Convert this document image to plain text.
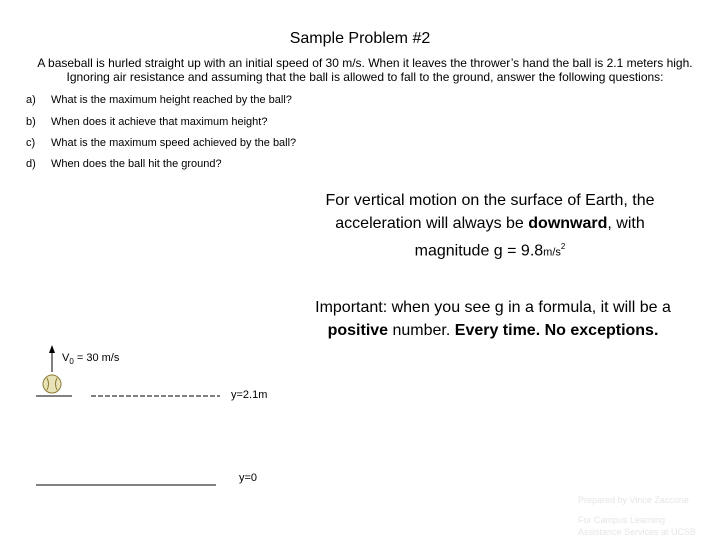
Sample Problem #2
A baseball is hurled straight up with an initial speed of 30 m/s. When it leaves the thrower’s hand the ball is 2.1 meters high.
Ignoring air resistance and assuming that the ball is allowed to fall to the ground, answer the following questions:
a) What is the maximum height reached by the ball?
b) When does it achieve that maximum height?
c) What is the maximum speed achieved by the ball?
d) When does the ball hit the ground?
For vertical motion on the surface of Earth, the
acceleration will always be downward, with
magnitude $g = 9.8m/s^2$
Important: when you see g in a formula, it will be a
positive number. Every time. No exceptions.
$V_0 = 30$ m/s
y=2.1m
y=0
Prepared by Vince Zaccone
For Campus Learning
Assistance Services at UCSB
